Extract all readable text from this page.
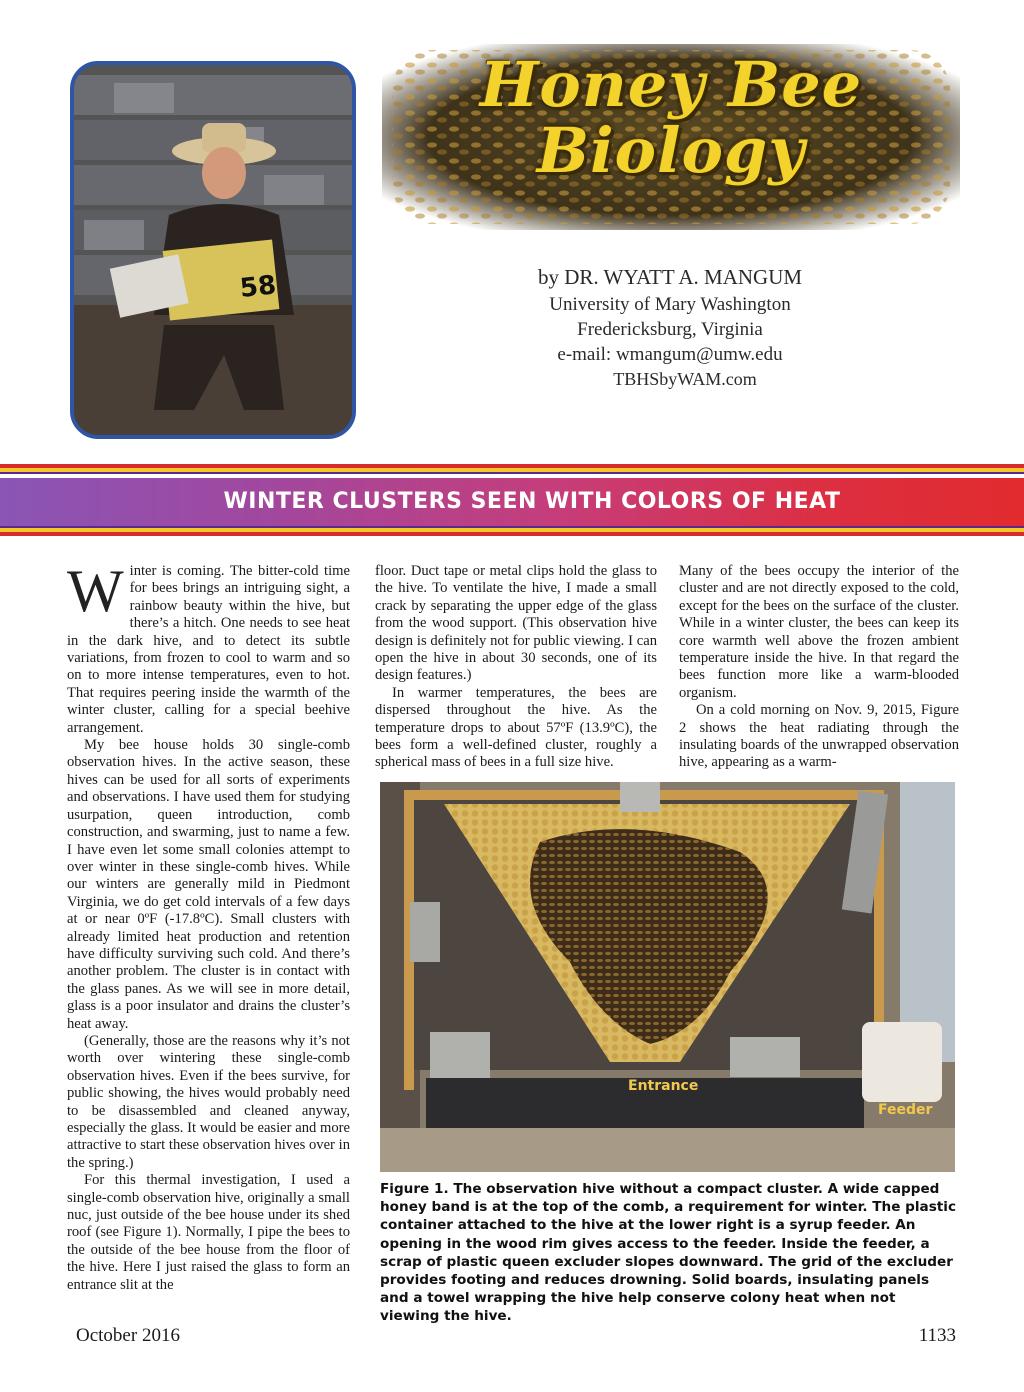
58
Honey Bee
Biology
by DR. WYATT A. MANGUM
University of Mary Washington
Fredericksburg, Virginia
e-mail: wmangum@umw.edu
TBHSbyWAM.com
WINTER CLUSTERS SEEN WITH COLORS OF HEAT

Winter is coming. The bitter-cold time for bees brings an intriguing sight, a rainbow beauty within the hive, but there’s a hitch. One needs to see heat in the dark hive, and to detect its subtle variations, from frozen to cool to warm and so on to more intense temperatures, even to hot. That requires peering inside the warmth of the winter cluster, calling for a special beehive arrangement.

My bee house holds 30 single-comb observation hives. In the active season, these hives can be used for all sorts of experiments and observations. I have used them for studying usurpation, queen introduction, comb construction, and swarming, just to name a few. I have even let some small colonies attempt to over winter in these single-comb hives. While our winters are generally mild in Piedmont Virginia, we do get cold intervals of a few days at or near 0ºF (-17.8ºC). Small clusters with already limited heat production and retention have difficulty surviving such cold. And there’s another problem. The cluster is in contact with the glass panes. As we will see in more detail, glass is a poor insulator and drains the cluster’s heat away.

(Generally, those are the reasons why it’s not worth over wintering these single-comb observation hives. Even if the bees survive, for public showing, the hives would probably need to be disassembled and cleaned anyway, especially the glass. It would be easier and more attractive to start these observation hives over in the spring.)

For this thermal investigation, I used a single-comb observation hive, originally a small nuc, just outside of the bee house under its shed roof (see Figure 1). Normally, I pipe the bees to the outside of the bee house from the floor of the hive. Here I just raised the glass to form an entrance slit at the

floor. Duct tape or metal clips hold the glass to the hive. To ventilate the hive, I made a small crack by separating the upper edge of the glass from the wood support. (This observation hive design is definitely not for public viewing. I can open the hive in about 30 seconds, one of its design features.)

In warmer temperatures, the bees are dispersed throughout the hive. As the temperature drops to about 57ºF (13.9ºC), the bees form a well-defined cluster, roughly a spherical mass of bees in a full size hive.

Many of the bees occupy the interior of the cluster and are not directly exposed to the cold, except for the bees on the surface of the cluster. While in a winter cluster, the bees can keep its core warmth well above the frozen ambient temperature inside the hive. In that regard the bees function more like a warm-blooded organism.

On a cold morning on Nov. 9, 2015, Figure 2 shows the heat radiating through the insulating boards of the unwrapped observation hive, appearing as a warm-

Entrance
Feeder
Figure 1. The observation hive without a compact cluster. A wide capped honey band is at the top of the comb, a requirement for winter. The plastic container attached to the hive at the lower right is a syrup feeder. An opening in the wood rim gives access to the feeder. Inside the feeder, a scrap of plastic queen excluder slopes downward. The grid of the excluder provides footing and reduces drowning. Solid boards, insulating panels and a towel wrapping the hive help conserve colony heat when not viewing the hive.
October 2016	1133
